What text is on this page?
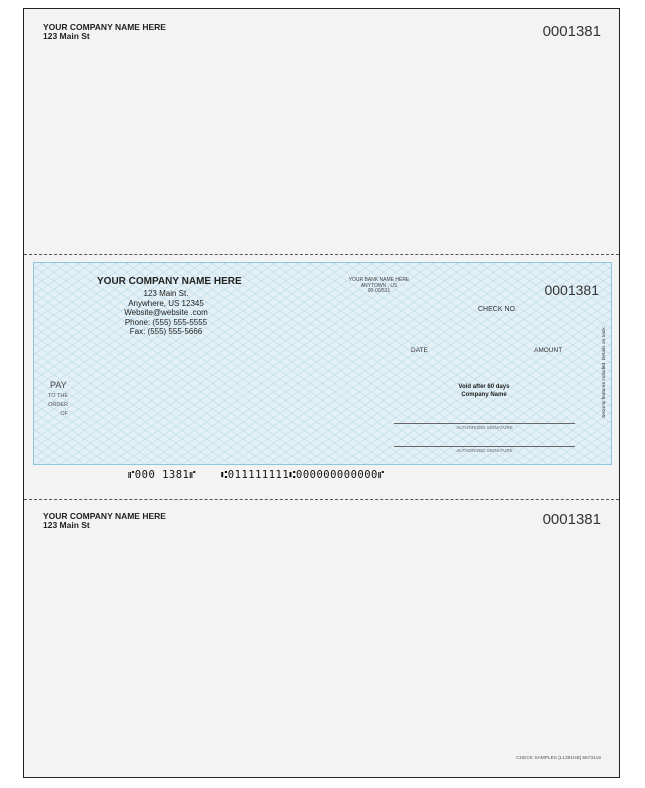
YOUR COMPANY NAME HERE
123 Main St	0001381
YOUR COMPANY NAME HERE
123 Main St.
Anywhere, US 12345
Website@website .com
Phone: (555) 555-5555
Fax: (555) 555-5666
YOUR BANK NAME HERE
ANYTOWN , US
00-00/531	0001381
CHECK NO.
DATE	AMOUNT
PAY
TO THE
ORDER
OF
Void after 60 days
Company Name
AUTHORIZED SIGNATURE
AUTHORIZED SIGNATURE
Security features included. Details on back.
⑈000 1381⑈ ⑆011111111⑆000000000000⑈
YOUR COMPANY NAME HERE
123 Main St	0001381
CHECK SAMPLES [L1381HB] 5673416
